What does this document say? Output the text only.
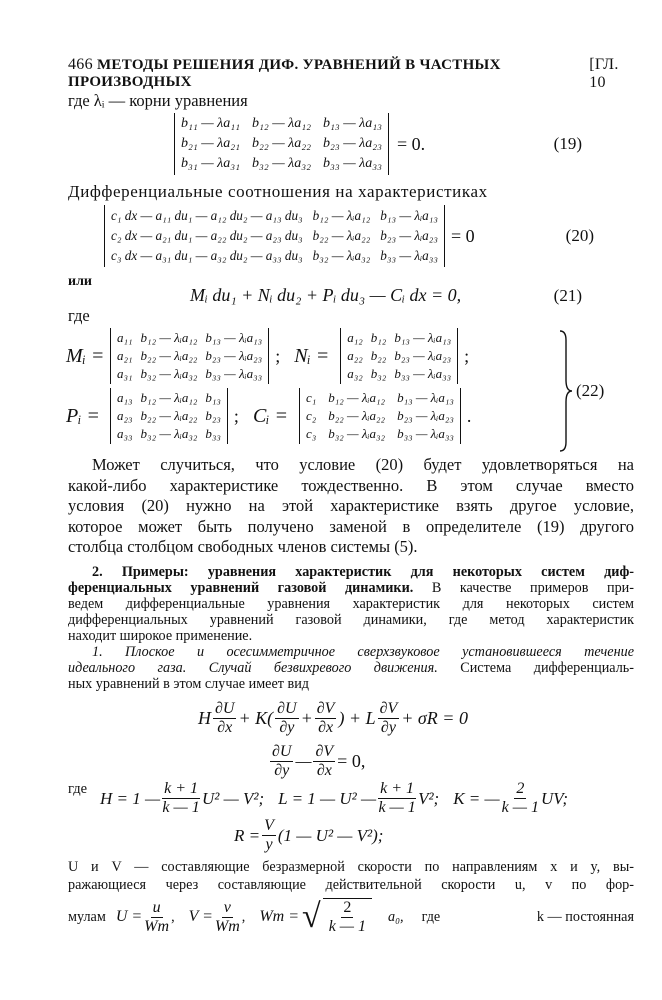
466 МЕТОДЫ РЕШЕНИЯ ДИФ. УРАВНЕНИЙ В ЧАСТНЫХ ПРОИЗВОДНЫХ
[ГЛ. 10
где λᵢ — корни уравнения
b₁₁ — λa₁₁ b₁₂ — λa₁₂ b₁₃ — λa₁₃
b₂₁ — λa₂₁ b₂₂ — λa₂₂ b₂₃ — λa₂₃
b₃₁ — λa₃₁ b₃₂ — λa₃₂ b₃₃ — λa₃₃
= 0.	(19)
Дифференциальные соотношения на характеристиках
c₁ dx — a₁₁ du₁ — a₁₂ du₂ — a₁₃ du₃ b₁₂ — λᵢa₁₂ b₁₃ — λᵢa₁₃
c₂ dx — a₂₁ du₁ — a₂₂ du₂ — a₂₃ du₃ b₂₂ — λᵢa₂₂ b₂₃ — λᵢa₂₃
c₃ dx — a₃₁ du₁ — a₃₂ du₂ — a₃₃ du₃ b₃₂ — λᵢa₃₂ b₃₃ — λᵢa₃₃
= 0	(20)
или
Mᵢ du₁ + Nᵢ du₂ + Pᵢ du₃ — Cᵢ dx = 0,	(21)
где
Mᵢ =
a₁₁ b₁₂ — λᵢa₁₂ b₁₃ — λᵢa₁₃
a₂₁ b₂₂ — λᵢa₂₂ b₂₃ — λᵢa₂₃
a₃₁ b₃₂ — λᵢa₃₂ b₃₃ — λᵢa₃₃
; Nᵢ =
a₁₂ b₁₂ b₁₃ — λᵢa₁₃
a₂₂ b₂₂ b₂₃ — λᵢa₂₃
a₃₂ b₃₂ b₃₃ — λᵢa₃₃
;
Pᵢ =
a₁₃ b₁₂ — λᵢa₁₂ b₁₃
a₂₃ b₂₂ — λᵢa₂₂ b₂₃
a₃₃ b₃₂ — λᵢa₃₂ b₃₃
; Cᵢ =
c₁ b₁₂ — λᵢa₁₂ b₁₃ — λᵢa₁₃
c₂ b₂₂ — λᵢa₂₂ b₂₃ — λᵢa₂₃
c₃ b₃₂ — λᵢa₃₂ b₃₃ — λᵢa₃₃
.
(22)
Может случиться, что условие (20) будет удовлетворяться на
какой-либо характеристике тождественно. В этом случае вместо
условия (20) нужно на этой характеристике взять другое условие,
которое может быть получено заменой в определителе (19) другого
столбца столбцом свободных членов системы (5).
2. Примеры: уравнения характеристик для некоторых систем диф-
ференциальных уравнений газовой динамики. В качестве примеров при-
ведем дифференциальные уравнения характеристик для некоторых систем
дифференциальных уравнений газовой динамики, где метод характеристик
находит широкое применение.
1. Плоское и осесимметричное сверхзвуковое установившееся течение
идеального газа. Случай безвихревого движения. Система дифференциаль-
ных уравнений в этом случае имеет вид
H $\frac{\partial U}{\partial x} + K( \frac{\partial U}{\partial y} + \frac{\partial V}{\partial x}$ ) + L $\frac{\partial V}{\partial y} + \sigma R = 0$
$\frac{\partial U}{\partial y}$ — $\frac{\partial V}{\partial x} = 0$,
где H = 1 — $\frac{k + 1}{k — 1} U^2$ — V²; L = 1 — U² — $\frac{k + 1}{k — 1} V^2$; K = — $\frac{2}{k — 1}$ UV;
$R = \frac{V}{y} (1$ — U² — V²);
U и V — составляющие безразмерной скорости по направлениям x и y, вы-
ражающиеся через составляющие действительной скорости u, v по фор-
мулам $U = \frac{u}{Wm}$ , $V = \frac{v}{Wm}$ , Wm = √ $\frac{2}{k — 1} a_0$, где	k — постоянная
